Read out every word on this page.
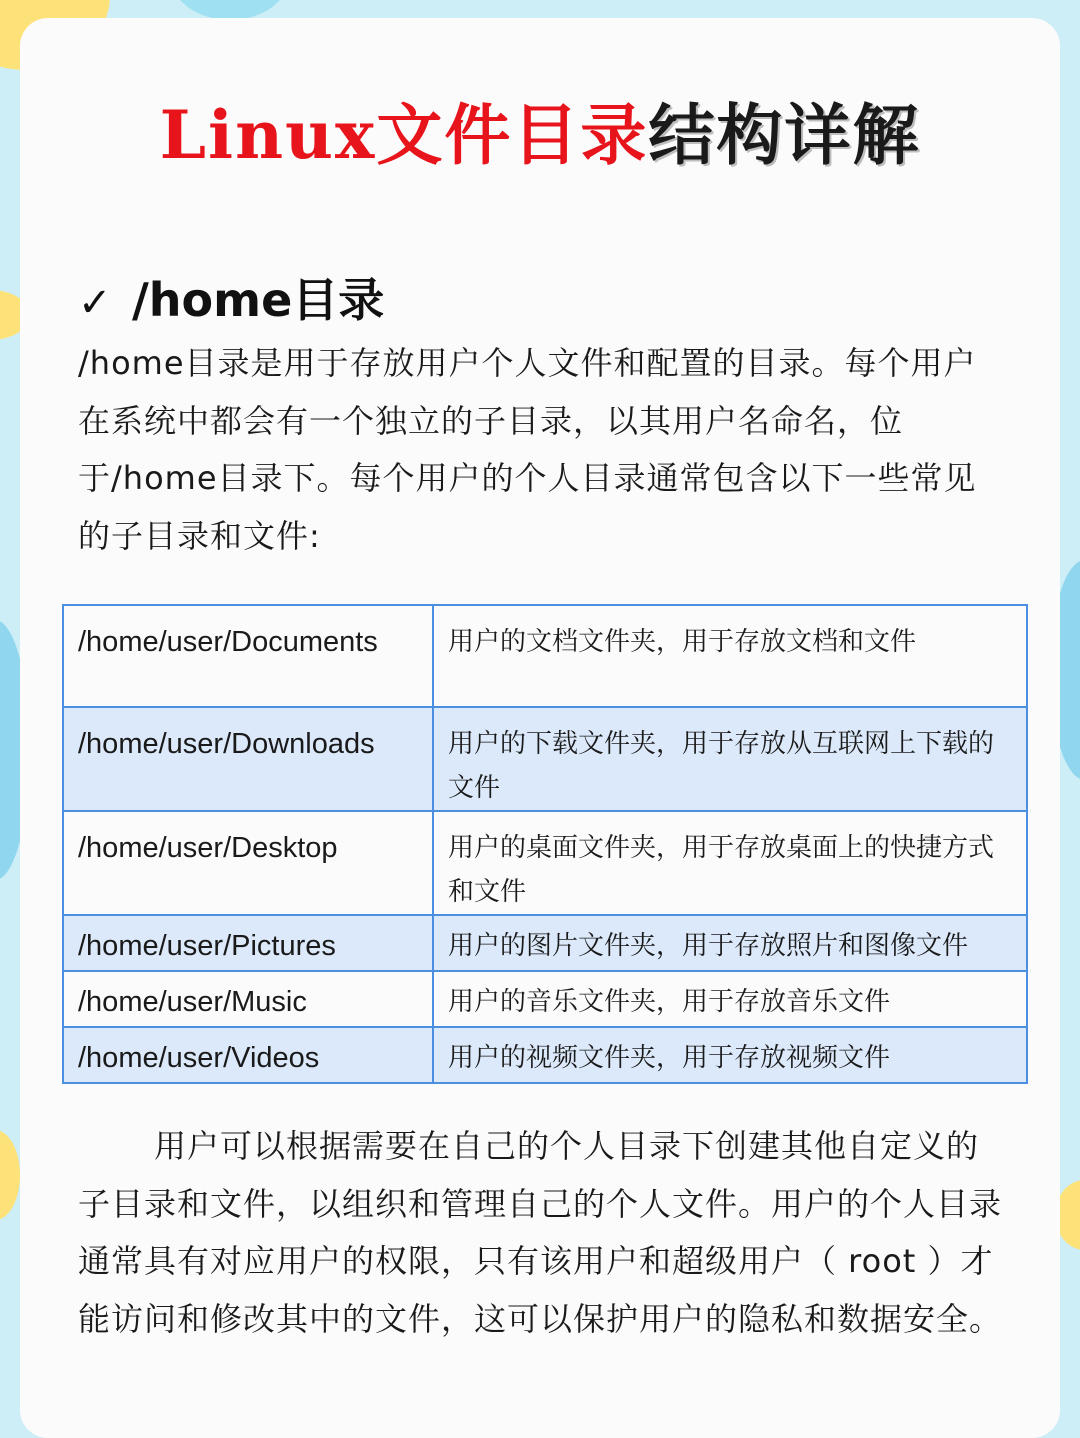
Linux文件目录结构详解
✓ /home目录

/home目录是用于存放用户个人文件和配置的目录。每个用户在系统中都会有一个独立的子目录，以其用户名命名，位于/home目录下。每个用户的个人目录通常包含以下一些常见的子目录和文件:

/home/user/Documents	用户的文档文件夹，用于存放文档和文件
/home/user/Downloads	用户的下载文件夹，用于存放从互联网上下载的文件
/home/user/Desktop	用户的桌面文件夹，用于存放桌面上的快捷方式和文件
/home/user/Pictures	用户的图片文件夹，用于存放照片和图像文件
/home/user/Music	用户的音乐文件夹，用于存放音乐文件
/home/user/Videos	用户的视频文件夹，用于存放视频文件

用户可以根据需要在自己的个人目录下创建其他自定义的子目录和文件，以组织和管理自己的个人文件。用户的个人目录通常具有对应用户的权限，只有该用户和超级用户（ root ）才能访问和修改其中的文件，这可以保护用户的隐私和数据安全。
